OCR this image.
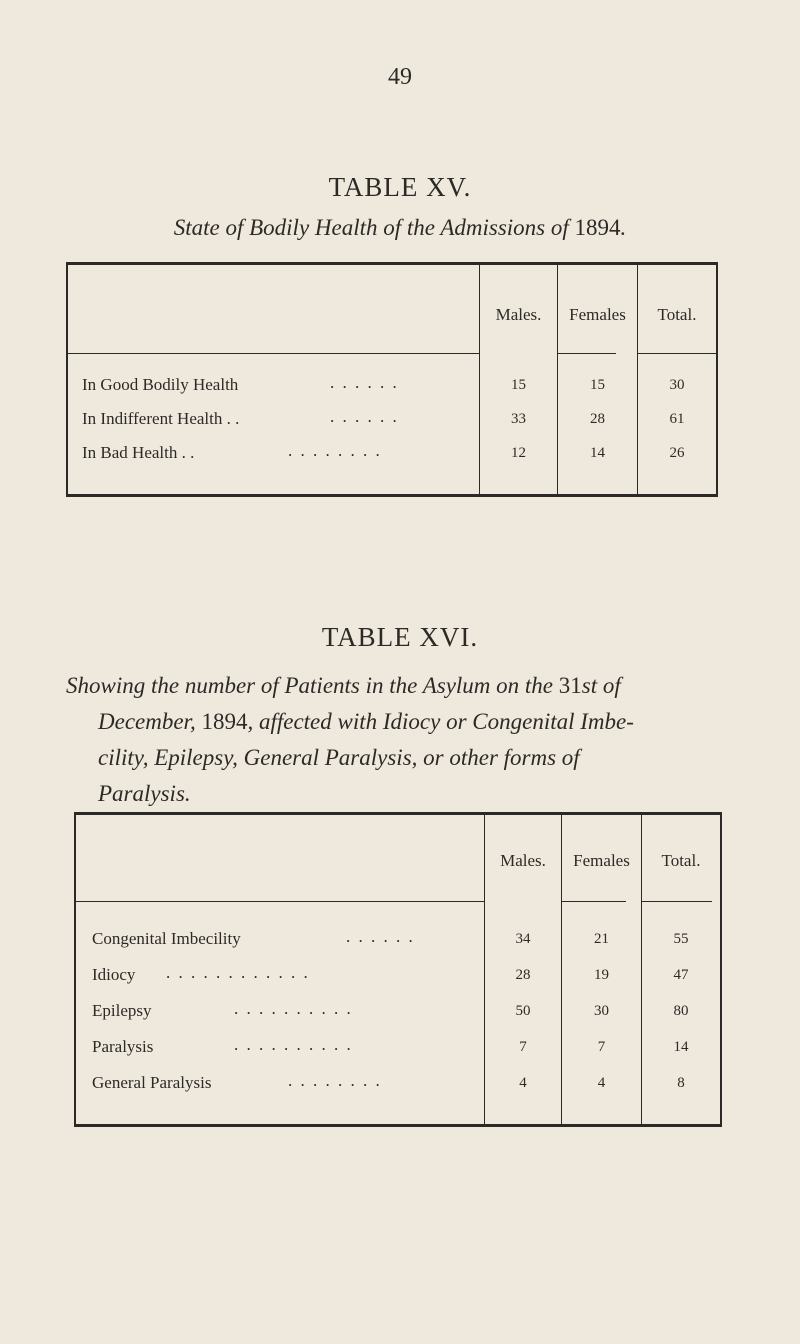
49
TABLE XV.
State of Bodily Health of the Admissions of 1894.
Males.	Females	Total.
In Good Bodily Health	. . . . . .	15	15	30
In Indifferent Health . .	. . . . . .	33	28	61
In Bad Health . .	. . . . . . . .	12	14	26
TABLE XVI.
Showing the number of Patients in the Asylum on the 31st of
December, 1894, affected with Idiocy or Congenital Imbe-
cility, Epilepsy, General Paralysis, or other forms of
Paralysis.
Males.	Females	Total.
Congenital Imbecility	. . . . . .	34	21	55
Idiocy . . . . . . . . . . . .	28	19	47
Epilepsy	. . . . . . . . . .	50	30	80
Paralysis	. . . . . . . . . .	7	7	14
General Paralysis	. . . . . . . .	4	4	8
